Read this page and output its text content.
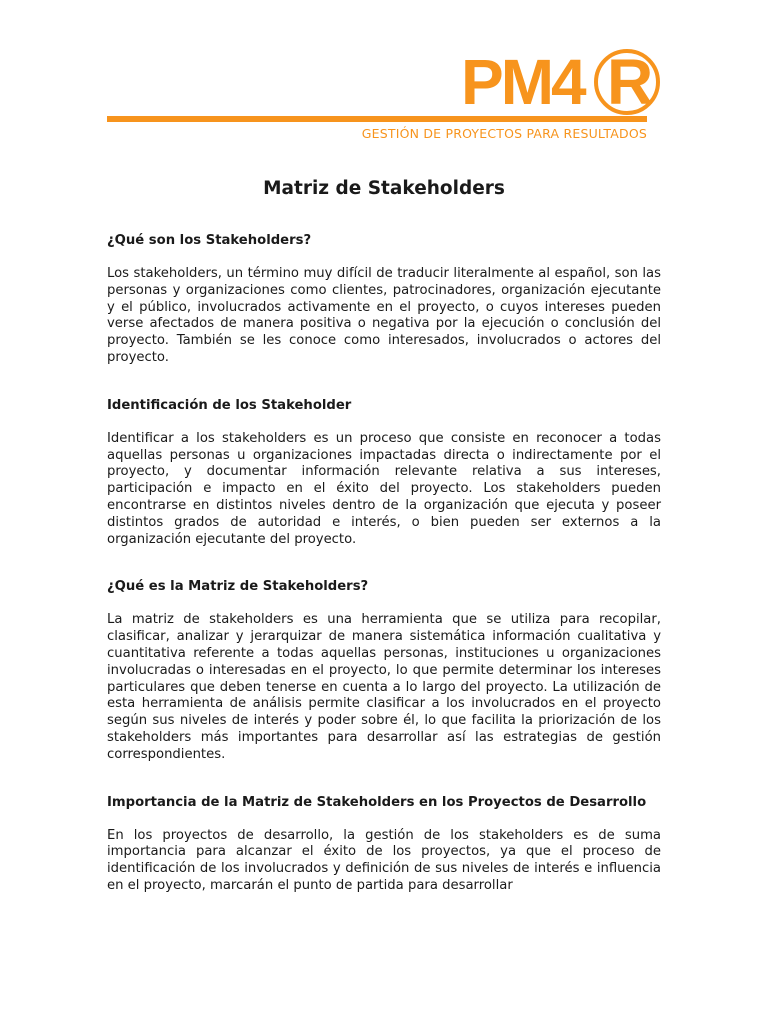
PM4 R
GESTIÓN DE PROYECTOS PARA RESULTADOS
Matriz de Stakeholders
¿Qué son los Stakeholders?

Los stakeholders, un término muy difícil de traducir literalmente al español, son las personas y organizaciones como clientes, patrocinadores, organización ejecutante y el público, involucrados activamente en el proyecto, o cuyos intereses pueden verse afectados de manera positiva o negativa por la ejecución o conclusión del proyecto. También se les conoce como interesados, involucrados o actores del proyecto.

Identificación de los Stakeholder

Identificar a los stakeholders es un proceso que consiste en reconocer a todas aquellas personas u organizaciones impactadas directa o indirectamente por el proyecto, y documentar información relevante relativa a sus intereses, participación e impacto en el éxito del proyecto. Los stakeholders pueden encontrarse en distintos niveles dentro de la organización que ejecuta y poseer distintos grados de autoridad e interés, o bien pueden ser externos a la organización ejecutante del proyecto.

¿Qué es la Matriz de Stakeholders?

La matriz de stakeholders es una herramienta que se utiliza para recopilar, clasificar, analizar y jerarquizar de manera sistemática información cualitativa y cuantitativa referente a todas aquellas personas, instituciones u organizaciones involucradas o interesadas en el proyecto, lo que permite determinar los intereses particulares que deben tenerse en cuenta a lo largo del proyecto. La utilización de esta herramienta de análisis permite clasificar a los involucrados en el proyecto según sus niveles de interés y poder sobre él, lo que facilita la priorización de los stakeholders más importantes para desarrollar así las estrategias de gestión correspondientes.

Importancia de la Matriz de Stakeholders en los Proyectos de Desarrollo

En los proyectos de desarrollo, la gestión de los stakeholders es de suma importancia para alcanzar el éxito de los proyectos, ya que el proceso de identificación de los involucrados y definición de sus niveles de interés e influencia en el proyecto, marcarán el punto de partida para desarrollar
